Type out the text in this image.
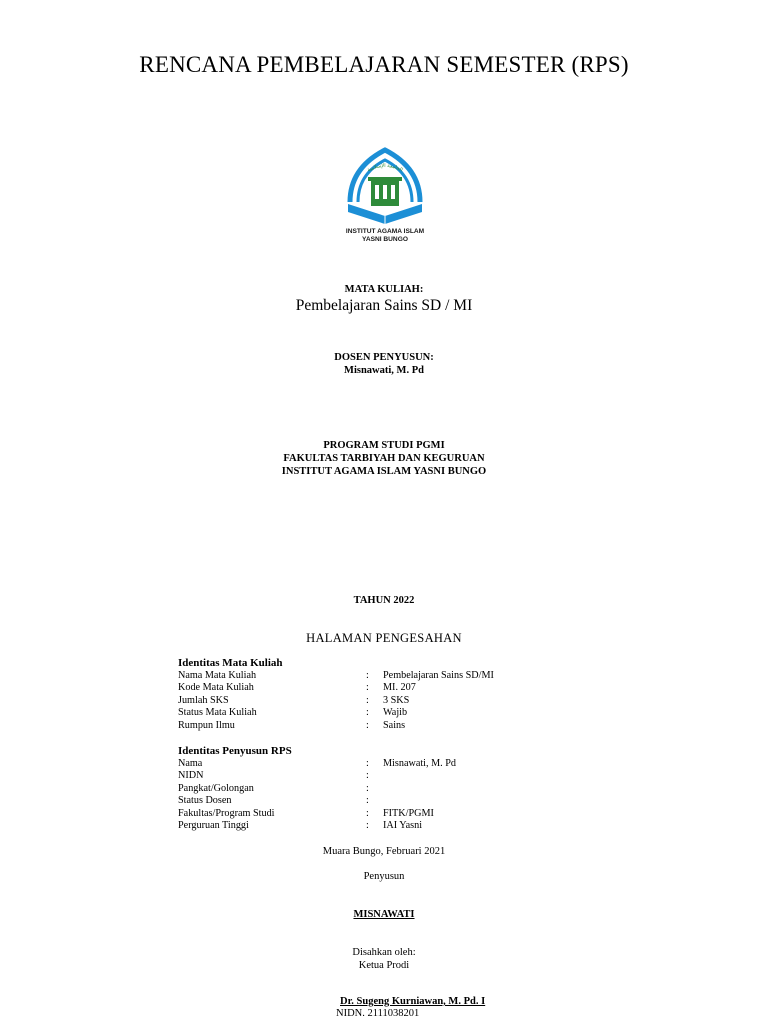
RENCANA PEMBELAJARAN SEMESTER (RPS)
الجامعة الإسلامية
INSTITUT AGAMA ISLAM
YASNI BUNGO
MATA KULIAH:
Pembelajaran Sains SD / MI
DOSEN PENYUSUN:
Misnawati, M. Pd
PROGRAM STUDI PGMI
FAKULTAS TARBIYAH DAN KEGURUAN
INSTITUT AGAMA ISLAM YASNI BUNGO
TAHUN 2022
HALAMAN PENGESAHAN
Identitas Mata Kuliah
Nama Mata Kuliah	: Pembelajaran Sains SD/MI
Kode Mata Kuliah	: MI. 207
Jumlah SKS	: 3 SKS
Status Mata Kuliah	: Wajib
Rumpun Ilmu	: Sains
Identitas Penyusun RPS
Nama	: Misnawati, M. Pd
NIDN	:
Pangkat/Golongan	:
Status Dosen	:
Fakultas/Program Studi	: FITK/PGMI
Perguruan Tinggi	: IAI Yasni
Muara Bungo, Februari 2021
Penyusun
MISNAWATI
Disahkan oleh:
Ketua Prodi
Dr. Sugeng Kurniawan, M. Pd. I
NIDN. 2111038201
